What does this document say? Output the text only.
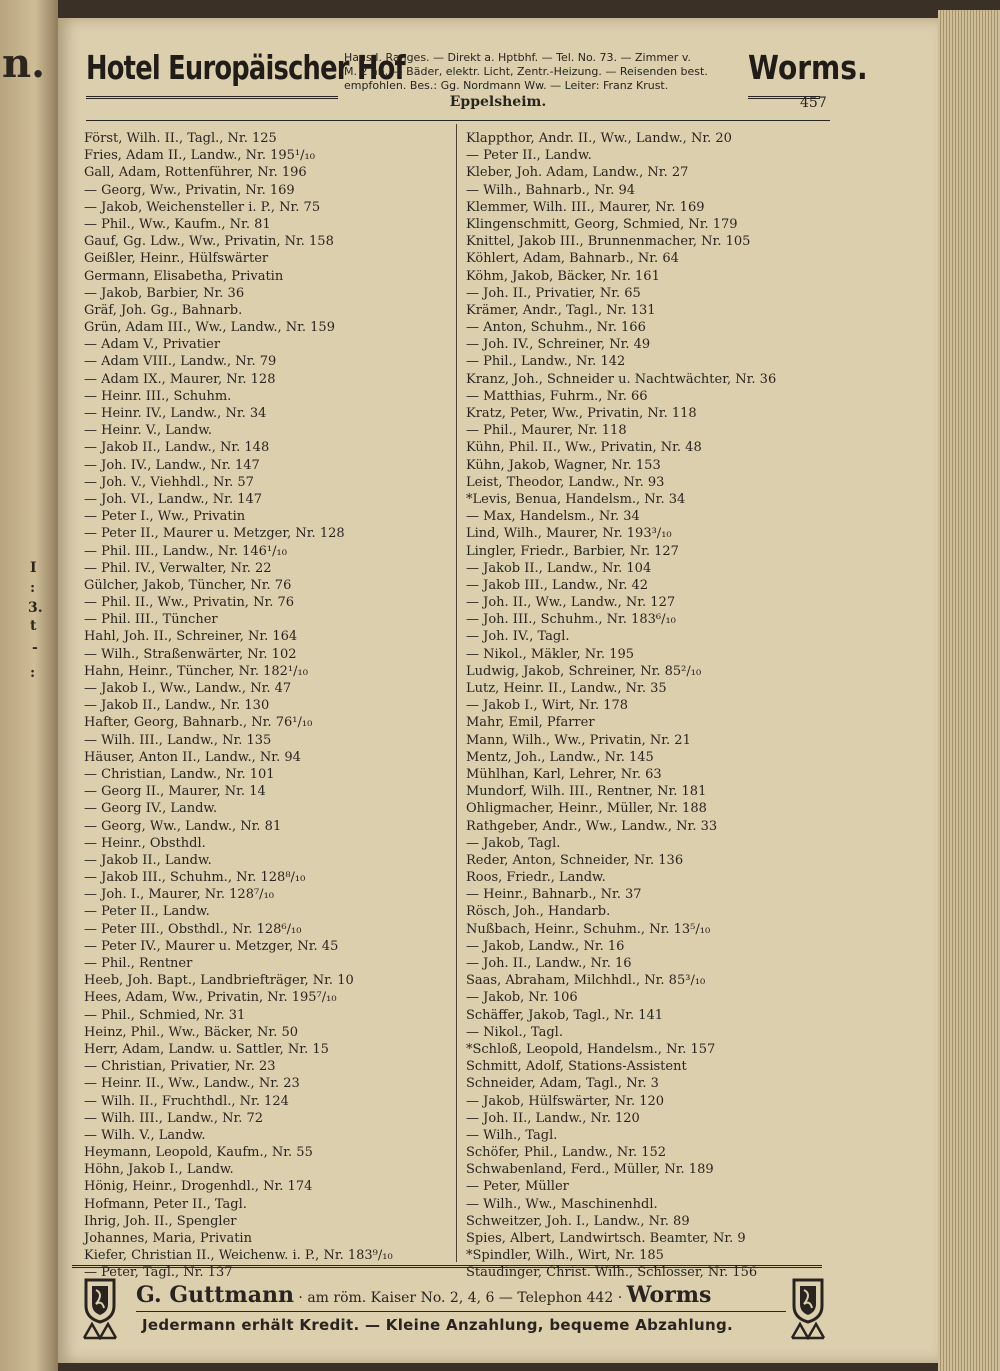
n.
I
:
3.
t
-
:
Hotel Europäischer Hof
Haus I. Ranges. — Direkt a. Hptbhf. — Tel. No. 73. — Zimmer v.
M. 2 an. — Bäder, elektr. Licht, Zentr.-Heizung. — Reisenden best.
empfohlen. Bes.: Gg. Nordmann Ww. — Leiter: Franz Krust.	Worms.
Eppelsheim.	457
Först, Wilh. II., Tagl., Nr. 125
Fries, Adam II., Landw., Nr. 195¹/₁₀
Gall, Adam, Rottenführer, Nr. 196
— Georg, Ww., Privatin, Nr. 169
— Jakob, Weichensteller i. P., Nr. 75
— Phil., Ww., Kaufm., Nr. 81
Gauf, Gg. Ldw., Ww., Privatin, Nr. 158
Geißler, Heinr., Hülfswärter
Germann, Elisabetha, Privatin
— Jakob, Barbier, Nr. 36
Gräf, Joh. Gg., Bahnarb.
Grün, Adam III., Ww., Landw., Nr. 159
— Adam V., Privatier
— Adam VIII., Landw., Nr. 79
— Adam IX., Maurer, Nr. 128
— Heinr. III., Schuhm.
— Heinr. IV., Landw., Nr. 34
— Heinr. V., Landw.
— Jakob II., Landw., Nr. 148
— Joh. IV., Landw., Nr. 147
— Joh. V., Viehhdl., Nr. 57
— Joh. VI., Landw., Nr. 147
— Peter I., Ww., Privatin
— Peter II., Maurer u. Metzger, Nr. 128
— Phil. III., Landw., Nr. 146¹/₁₀
— Phil. IV., Verwalter, Nr. 22
Gülcher, Jakob, Tüncher, Nr. 76
— Phil. II., Ww., Privatin, Nr. 76
— Phil. III., Tüncher
Hahl, Joh. II., Schreiner, Nr. 164
— Wilh., Straßenwärter, Nr. 102
Hahn, Heinr., Tüncher, Nr. 182¹/₁₀
— Jakob I., Ww., Landw., Nr. 47
— Jakob II., Landw., Nr. 130
Hafter, Georg, Bahnarb., Nr. 76¹/₁₀
— Wilh. III., Landw., Nr. 135
Häuser, Anton II., Landw., Nr. 94
— Christian, Landw., Nr. 101
— Georg II., Maurer, Nr. 14
— Georg IV., Landw.
— Georg, Ww., Landw., Nr. 81
— Heinr., Obsthdl.
— Jakob II., Landw.
— Jakob III., Schuhm., Nr. 128⁸/₁₀
— Joh. I., Maurer, Nr. 128⁷/₁₀
— Peter II., Landw.
— Peter III., Obsthdl., Nr. 128⁶/₁₀
— Peter IV., Maurer u. Metzger, Nr. 45
— Phil., Rentner
Heeb, Joh. Bapt., Landbriefträger, Nr. 10
Hees, Adam, Ww., Privatin, Nr. 195⁷/₁₀
— Phil., Schmied, Nr. 31
Heinz, Phil., Ww., Bäcker, Nr. 50
Herr, Adam, Landw. u. Sattler, Nr. 15
— Christian, Privatier, Nr. 23
— Heinr. II., Ww., Landw., Nr. 23
— Wilh. II., Fruchthdl., Nr. 124
— Wilh. III., Landw., Nr. 72
— Wilh. V., Landw.
Heymann, Leopold, Kaufm., Nr. 55
Höhn, Jakob I., Landw.
Hönig, Heinr., Drogenhdl., Nr. 174
Hofmann, Peter II., Tagl.
Ihrig, Joh. II., Spengler
Johannes, Maria, Privatin
Kiefer, Christian II., Weichenw. i. P., Nr. 183⁹/₁₀
— Peter, Tagl., Nr. 137
Klappthor, Andr. II., Ww., Landw., Nr. 20
— Peter II., Landw.
Kleber, Joh. Adam, Landw., Nr. 27
— Wilh., Bahnarb., Nr. 94
Klemmer, Wilh. III., Maurer, Nr. 169
Klingenschmitt, Georg, Schmied, Nr. 179
Knittel, Jakob III., Brunnenmacher, Nr. 105
Köhlert, Adam, Bahnarb., Nr. 64
Köhm, Jakob, Bäcker, Nr. 161
— Joh. II., Privatier, Nr. 65
Krämer, Andr., Tagl., Nr. 131
— Anton, Schuhm., Nr. 166
— Joh. IV., Schreiner, Nr. 49
— Phil., Landw., Nr. 142
Kranz, Joh., Schneider u. Nachtwächter, Nr. 36
— Matthias, Fuhrm., Nr. 66
Kratz, Peter, Ww., Privatin, Nr. 118
— Phil., Maurer, Nr. 118
Kühn, Phil. II., Ww., Privatin, Nr. 48
Kühn, Jakob, Wagner, Nr. 153
Leist, Theodor, Landw., Nr. 93
*Levis, Benua, Handelsm., Nr. 34
— Max, Handelsm., Nr. 34
Lind, Wilh., Maurer, Nr. 193³/₁₀
Lingler, Friedr., Barbier, Nr. 127
— Jakob II., Landw., Nr. 104
— Jakob III., Landw., Nr. 42
— Joh. II., Ww., Landw., Nr. 127
— Joh. III., Schuhm., Nr. 183⁶/₁₀
— Joh. IV., Tagl.
— Nikol., Mäkler, Nr. 195
Ludwig, Jakob, Schreiner, Nr. 85²/₁₀
Lutz, Heinr. II., Landw., Nr. 35
— Jakob I., Wirt, Nr. 178
Mahr, Emil, Pfarrer
Mann, Wilh., Ww., Privatin, Nr. 21
Mentz, Joh., Landw., Nr. 145
Mühlhan, Karl, Lehrer, Nr. 63
Mundorf, Wilh. III., Rentner, Nr. 181
Ohligmacher, Heinr., Müller, Nr. 188
Rathgeber, Andr., Ww., Landw., Nr. 33
— Jakob, Tagl.
Reder, Anton, Schneider, Nr. 136
Roos, Friedr., Landw.
— Heinr., Bahnarb., Nr. 37
Rösch, Joh., Handarb.
Nußbach, Heinr., Schuhm., Nr. 13⁵/₁₀
— Jakob, Landw., Nr. 16
— Joh. II., Landw., Nr. 16
Saas, Abraham, Milchhdl., Nr. 85³/₁₀
— Jakob, Nr. 106
Schäffer, Jakob, Tagl., Nr. 141
— Nikol., Tagl.
*Schloß, Leopold, Handelsm., Nr. 157
Schmitt, Adolf, Stations-Assistent
Schneider, Adam, Tagl., Nr. 3
— Jakob, Hülfswärter, Nr. 120
— Joh. II., Landw., Nr. 120
— Wilh., Tagl.
Schöfer, Phil., Landw., Nr. 152
Schwabenland, Ferd., Müller, Nr. 189
— Peter, Müller
— Wilh., Ww., Maschinenhdl.
Schweitzer, Joh. I., Landw., Nr. 89
Spies, Albert, Landwirtsch. Beamter, Nr. 9
*Spindler, Wilh., Wirt, Nr. 185
Staudinger, Christ. Wilh., Schlosser, Nr. 156
G. Guttmann · am röm. Kaiser No. 2, 4, 6 — Telephon 442 · Worms
Jedermann erhält Kredit. — Kleine Anzahlung, bequeme Abzahlung.
